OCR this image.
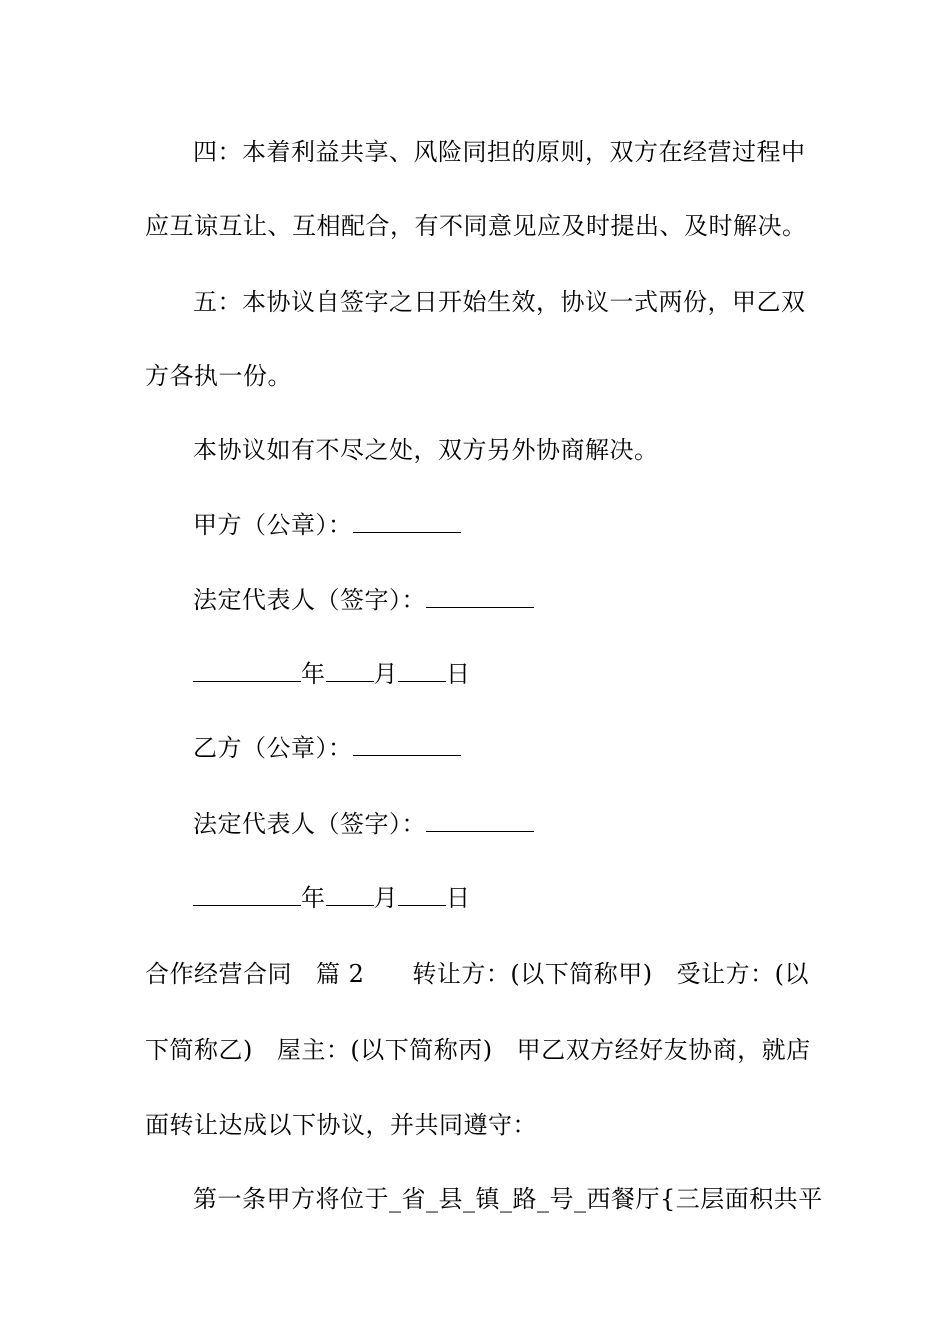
四：本着利益共享、风险同担的原则，双方在经营过程中
应互谅互让、互相配合，有不同意见应及时提出、及时解决。
五：本协议自签字之日开始生效，协议一式两份，甲乙双
方各执一份。
本协议如有不尽之处，双方另外协商解决。
甲方（公章）：
法定代表人（签字）：
年 月 日
乙方（公章）：
法定代表人（签字）：
年 月 日
合作经营合同 篇 2 转让方：(以下简称甲) 受让方：(以
下简称乙) 屋主：(以下简称丙) 甲乙双方经好友协商，就店
面转让达成以下协议，并共同遵守：
第一条甲方将位于_省_县_镇_路_号_西餐厅{三层面积共平
